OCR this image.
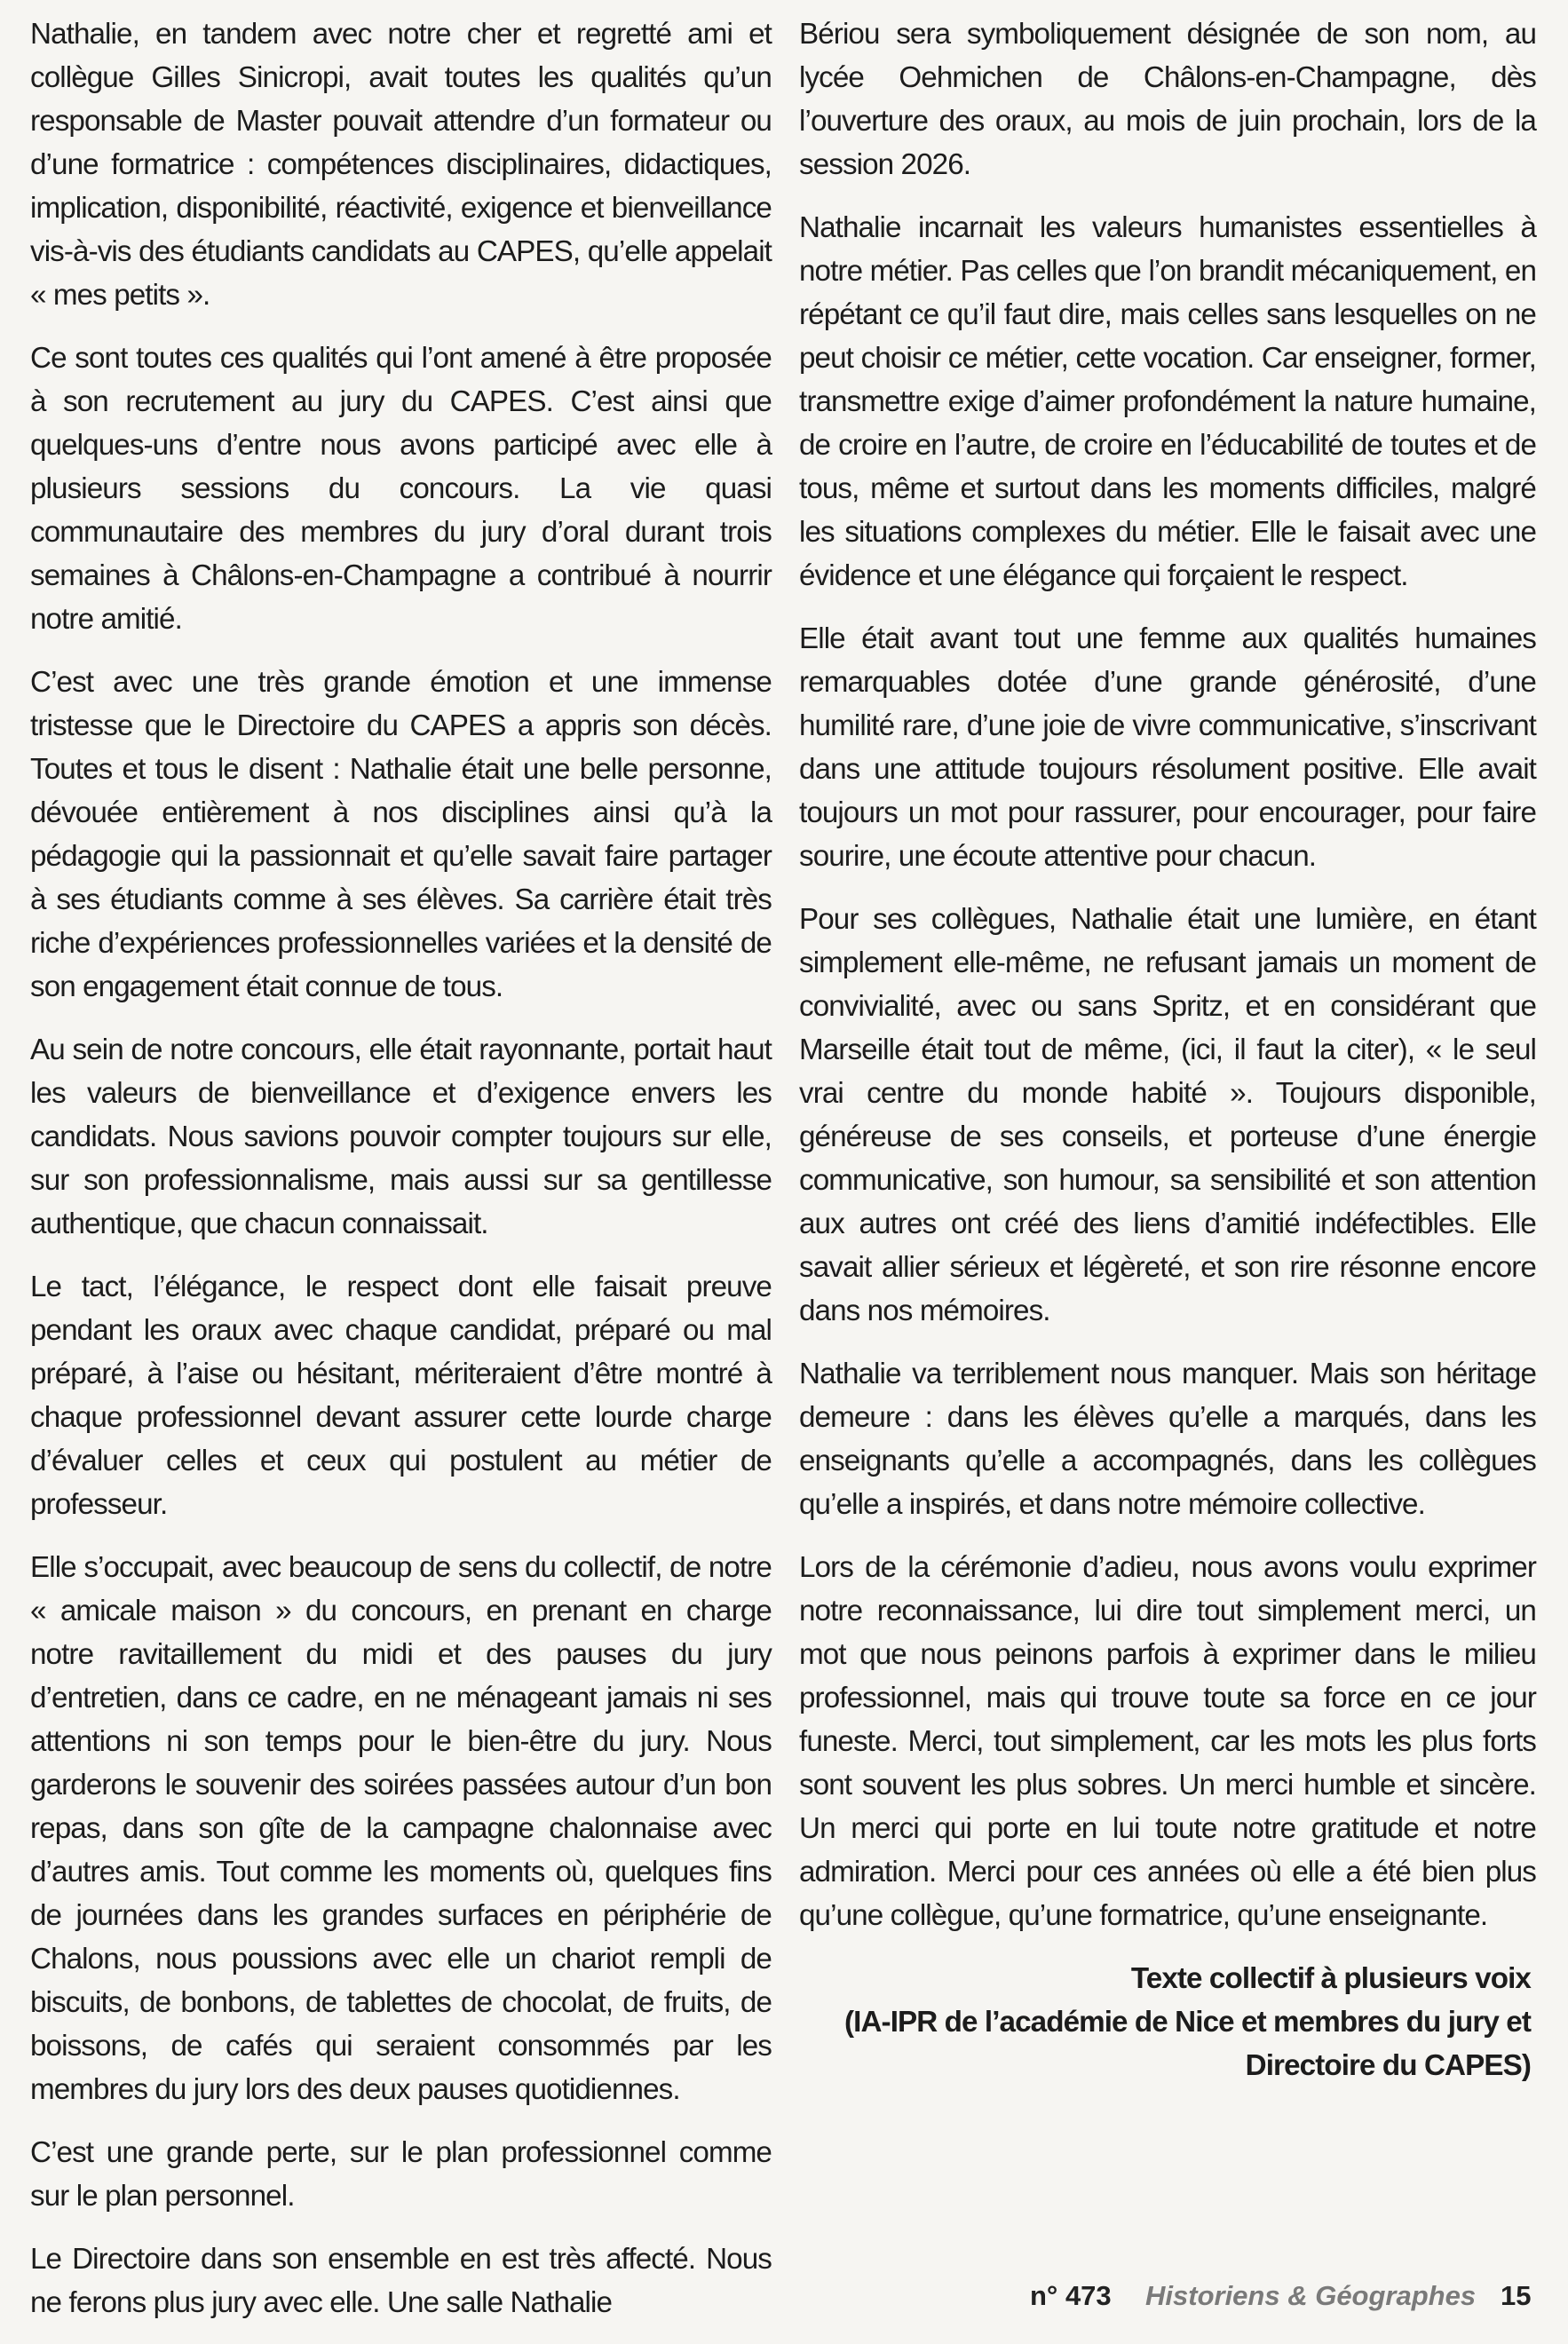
Nathalie, en tandem avec notre cher et regretté ami et collègue Gilles Sinicropi, avait toutes les qualités qu’un responsable de Master pouvait attendre d’un formateur ou d’une formatrice : compétences disciplinaires, didactiques, implication, disponibilité, réactivité, exigence et bienveillance vis-à-vis des étudiants candidats au CAPES, qu’elle appelait « mes petits ».

Ce sont toutes ces qualités qui l’ont amené à être proposée à son recrutement au jury du CAPES. C’est ainsi que quelques-uns d’entre nous avons participé avec elle à plusieurs sessions du concours. La vie quasi communautaire des membres du jury d’oral durant trois semaines à Châlons-en-Champagne a contribué à nourrir notre amitié.

C’est avec une très grande émotion et une immense tristesse que le Directoire du CAPES a appris son décès. Toutes et tous le disent : Nathalie était une belle personne, dévouée entièrement à nos disciplines ainsi qu’à la pédagogie qui la passionnait et qu’elle savait faire partager à ses étudiants comme à ses élèves. Sa carrière était très riche d’expériences professionnelles variées et la densité de son engagement était connue de tous.

Au sein de notre concours, elle était rayonnante, portait haut les valeurs de bienveillance et d’exigence envers les candidats. Nous savions pouvoir compter toujours sur elle, sur son professionnalisme, mais aussi sur sa gentillesse authentique, que chacun connaissait.

Le tact, l’élégance, le respect dont elle faisait preuve pendant les oraux avec chaque candidat, préparé ou mal préparé, à l’aise ou hésitant, mériteraient d’être montré à chaque professionnel devant assurer cette lourde charge d’évaluer celles et ceux qui postulent au métier de professeur.

Elle s’occupait, avec beaucoup de sens du collectif, de notre « amicale maison » du concours, en prenant en charge notre ravitaillement du midi et des pauses du jury d’entretien, dans ce cadre, en ne ménageant jamais ni ses attentions ni son temps pour le bien-être du jury. Nous garderons le souvenir des soirées passées autour d’un bon repas, dans son gîte de la campagne chalonnaise avec d’autres amis. Tout comme les moments où, quelques fins de journées dans les grandes surfaces en périphérie de Chalons, nous poussions avec elle un chariot rempli de biscuits, de bonbons, de tablettes de chocolat, de fruits, de boissons, de cafés qui seraient consommés par les membres du jury lors des deux pauses quotidiennes.

C’est une grande perte, sur le plan professionnel comme sur le plan personnel.

Le Directoire dans son ensemble en est très affecté. Nous ne ferons plus jury avec elle. Une salle Nathalie

Bériou sera symboliquement désignée de son nom, au lycée Oehmichen de Châlons-en-Champagne, dès l’ouverture des oraux, au mois de juin prochain, lors de la session 2026.

Nathalie incarnait les valeurs humanistes essentielles à notre métier. Pas celles que l’on brandit mécaniquement, en répétant ce qu’il faut dire, mais celles sans lesquelles on ne peut choisir ce métier, cette vocation. Car enseigner, former, transmettre exige d’aimer profondément la nature humaine, de croire en l’autre, de croire en l’éducabilité de toutes et de tous, même et surtout dans les moments difficiles, malgré les situations complexes du métier. Elle le faisait avec une évidence et une élégance qui forçaient le respect.

Elle était avant tout une femme aux qualités humaines remarquables dotée d’une grande générosité, d’une humilité rare, d’une joie de vivre communicative, s’inscrivant dans une attitude toujours résolument positive. Elle avait toujours un mot pour rassurer, pour encourager, pour faire sourire, une écoute attentive pour chacun.

Pour ses collègues, Nathalie était une lumière, en étant simplement elle-même, ne refusant jamais un moment de convivialité, avec ou sans Spritz, et en considérant que Marseille était tout de même, (ici, il faut la citer), « le seul vrai centre du monde habité ». Toujours disponible, généreuse de ses conseils, et porteuse d’une énergie communicative, son humour, sa sensibilité et son attention aux autres ont créé des liens d’amitié indéfectibles. Elle savait allier sérieux et légèreté, et son rire résonne encore dans nos mémoires.

Nathalie va terriblement nous manquer. Mais son héritage demeure : dans les élèves qu’elle a marqués, dans les enseignants qu’elle a accompagnés, dans les collègues qu’elle a inspirés, et dans notre mémoire collective.

Lors de la cérémonie d’adieu, nous avons voulu exprimer notre reconnaissance, lui dire tout simplement merci, un mot que nous peinons parfois à exprimer dans le milieu professionnel, mais qui trouve toute sa force en ce jour funeste. Merci, tout simplement, car les mots les plus forts sont souvent les plus sobres. Un merci humble et sincère. Un merci qui porte en lui toute notre gratitude et notre admiration. Merci pour ces années où elle a été bien plus qu’une collègue, qu’une formatrice, qu’une enseignante.

Texte collectif à plusieurs voix
(IA-IPR de l’académie de Nice et membres du jury et
Directoire du CAPES)
n° 473 Historiens & Géographes 15
